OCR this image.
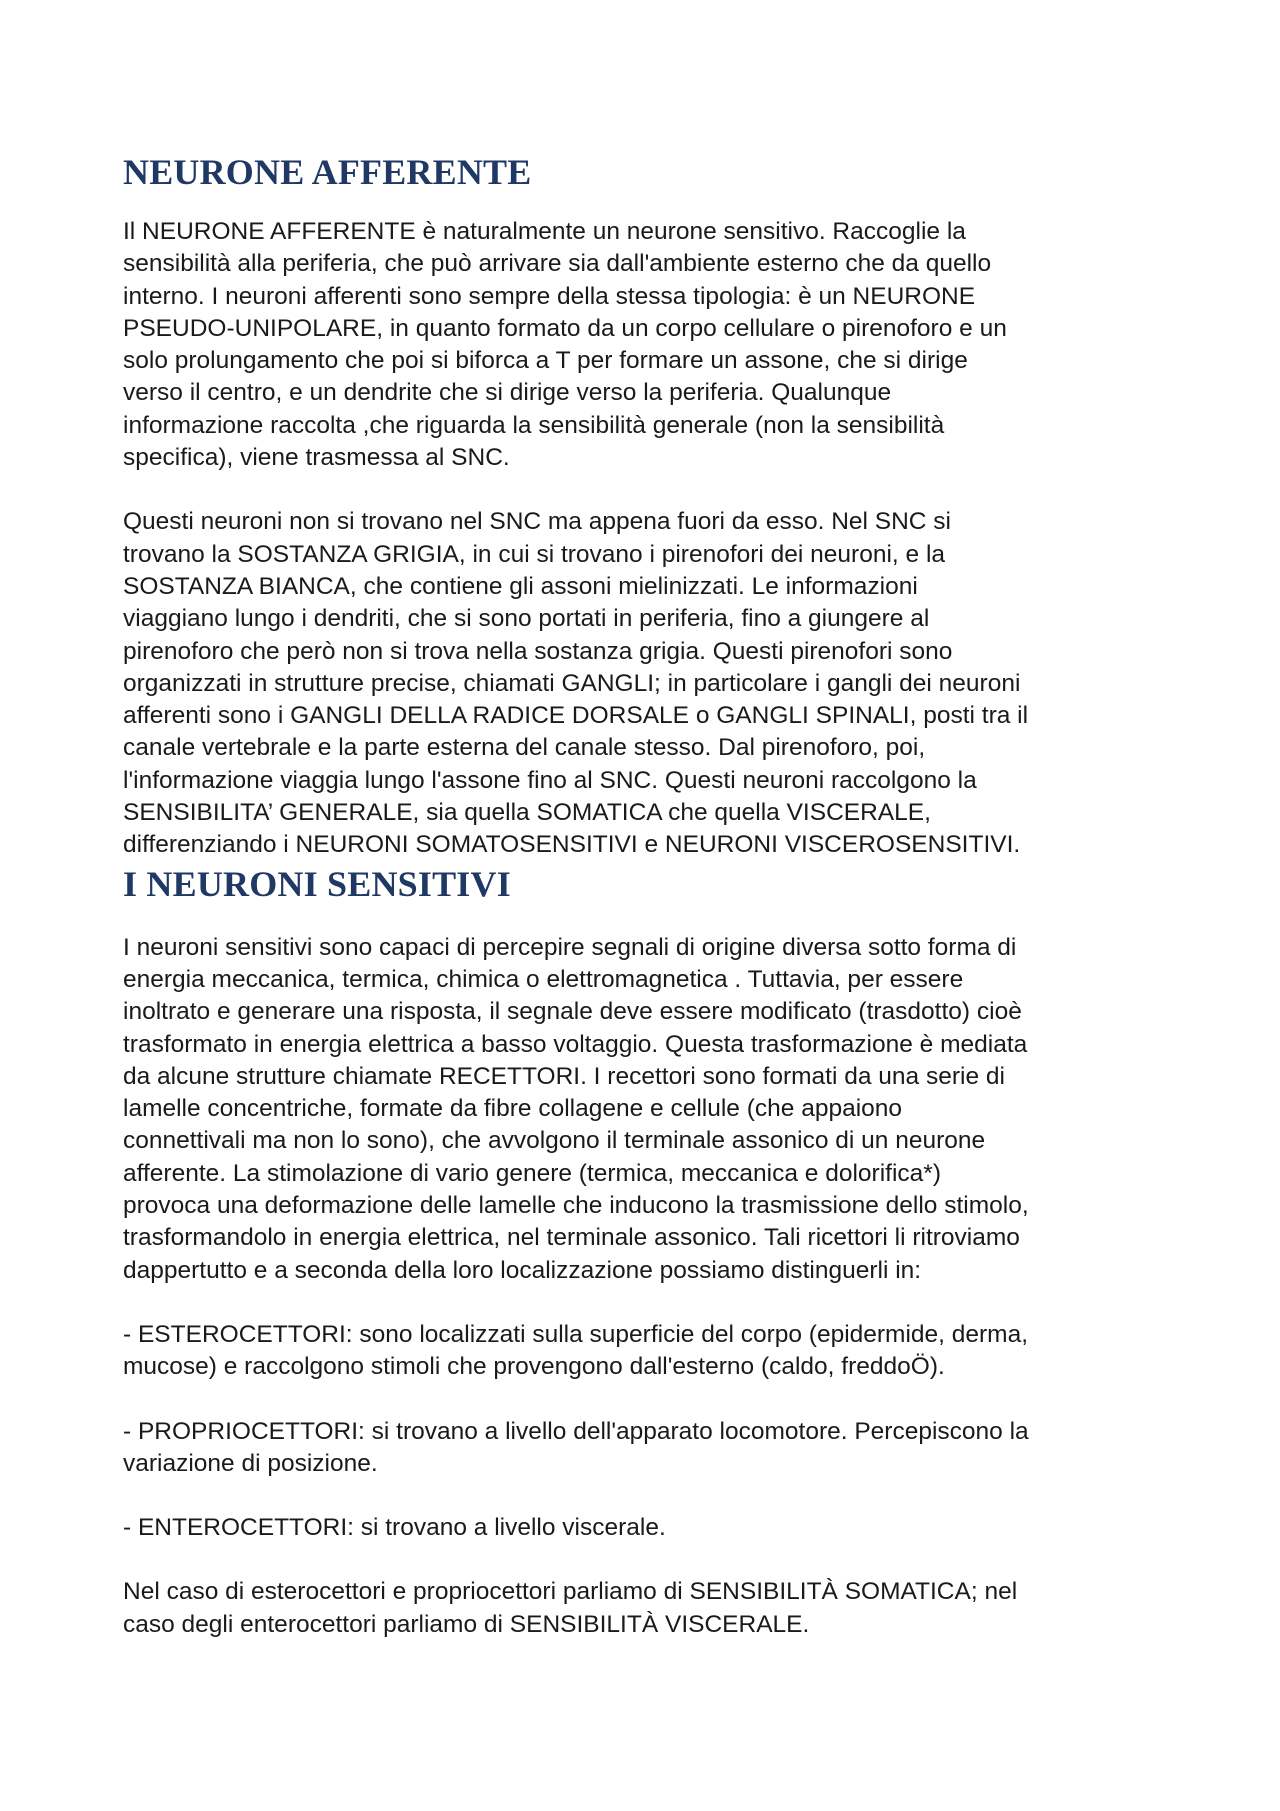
NEURONE AFFERENTE

Il NEURONE AFFERENTE è naturalmente un neurone sensitivo. Raccoglie la
sensibilità alla periferia, che può arrivare sia dall'ambiente esterno che da quello
interno. I neuroni afferenti sono sempre della stessa tipologia: è un NEURONE
PSEUDO-UNIPOLARE, in quanto formato da un corpo cellulare o pirenoforo e un
solo prolungamento che poi si biforca a T per formare un assone, che si dirige
verso il centro, e un dendrite che si dirige verso la periferia. Qualunque
informazione raccolta ,che riguarda la sensibilità generale (non la sensibilità
specifica), viene trasmessa al SNC.

Questi neuroni non si trovano nel SNC ma appena fuori da esso. Nel SNC si
trovano la SOSTANZA GRIGIA, in cui si trovano i pirenofori dei neuroni, e la
SOSTANZA BIANCA, che contiene gli assoni mielinizzati. Le informazioni
viaggiano lungo i dendriti, che si sono portati in periferia, fino a giungere al
pirenoforo che però non si trova nella sostanza grigia. Questi pirenofori sono
organizzati in strutture precise, chiamati GANGLI; in particolare i gangli dei neuroni
afferenti sono i GANGLI DELLA RADICE DORSALE o GANGLI SPINALI, posti tra il
canale vertebrale e la parte esterna del canale stesso. Dal pirenoforo, poi,
l'informazione viaggia lungo l'assone fino al SNC. Questi neuroni raccolgono la
SENSIBILITA’ GENERALE, sia quella SOMATICA che quella VISCERALE,
differenziando i NEURONI SOMATOSENSITIVI e NEURONI VISCEROSENSITIVI.

I NEURONI SENSITIVI

I neuroni sensitivi sono capaci di percepire segnali di origine diversa sotto forma di
energia meccanica, termica, chimica o elettromagnetica . Tuttavia, per essere
inoltrato e generare una risposta, il segnale deve essere modificato (trasdotto) cioè
trasformato in energia elettrica a basso voltaggio. Questa trasformazione è mediata
da alcune strutture chiamate RECETTORI. I recettori sono formati da una serie di
lamelle concentriche, formate da fibre collagene e cellule (che appaiono
connettivali ma non lo sono), che avvolgono il terminale assonico di un neurone
afferente. La stimolazione di vario genere (termica, meccanica e dolorifica*)
provoca una deformazione delle lamelle che inducono la trasmissione dello stimolo,
trasformandolo in energia elettrica, nel terminale assonico. Tali ricettori li ritroviamo
dappertutto e a seconda della loro localizzazione possiamo distinguerli in:

- ESTEROCETTORI: sono localizzati sulla superficie del corpo (epidermide, derma,
mucose) e raccolgono stimoli che provengono dall'esterno (caldo, freddoÖ).

- PROPRIOCETTORI: si trovano a livello dell'apparato locomotore. Percepiscono la
variazione di posizione.

- ENTEROCETTORI: si trovano a livello viscerale.

Nel caso di esterocettori e propriocettori parliamo di SENSIBILITÀ SOMATICA; nel
caso degli enterocettori parliamo di SENSIBILITÀ VISCERALE.
